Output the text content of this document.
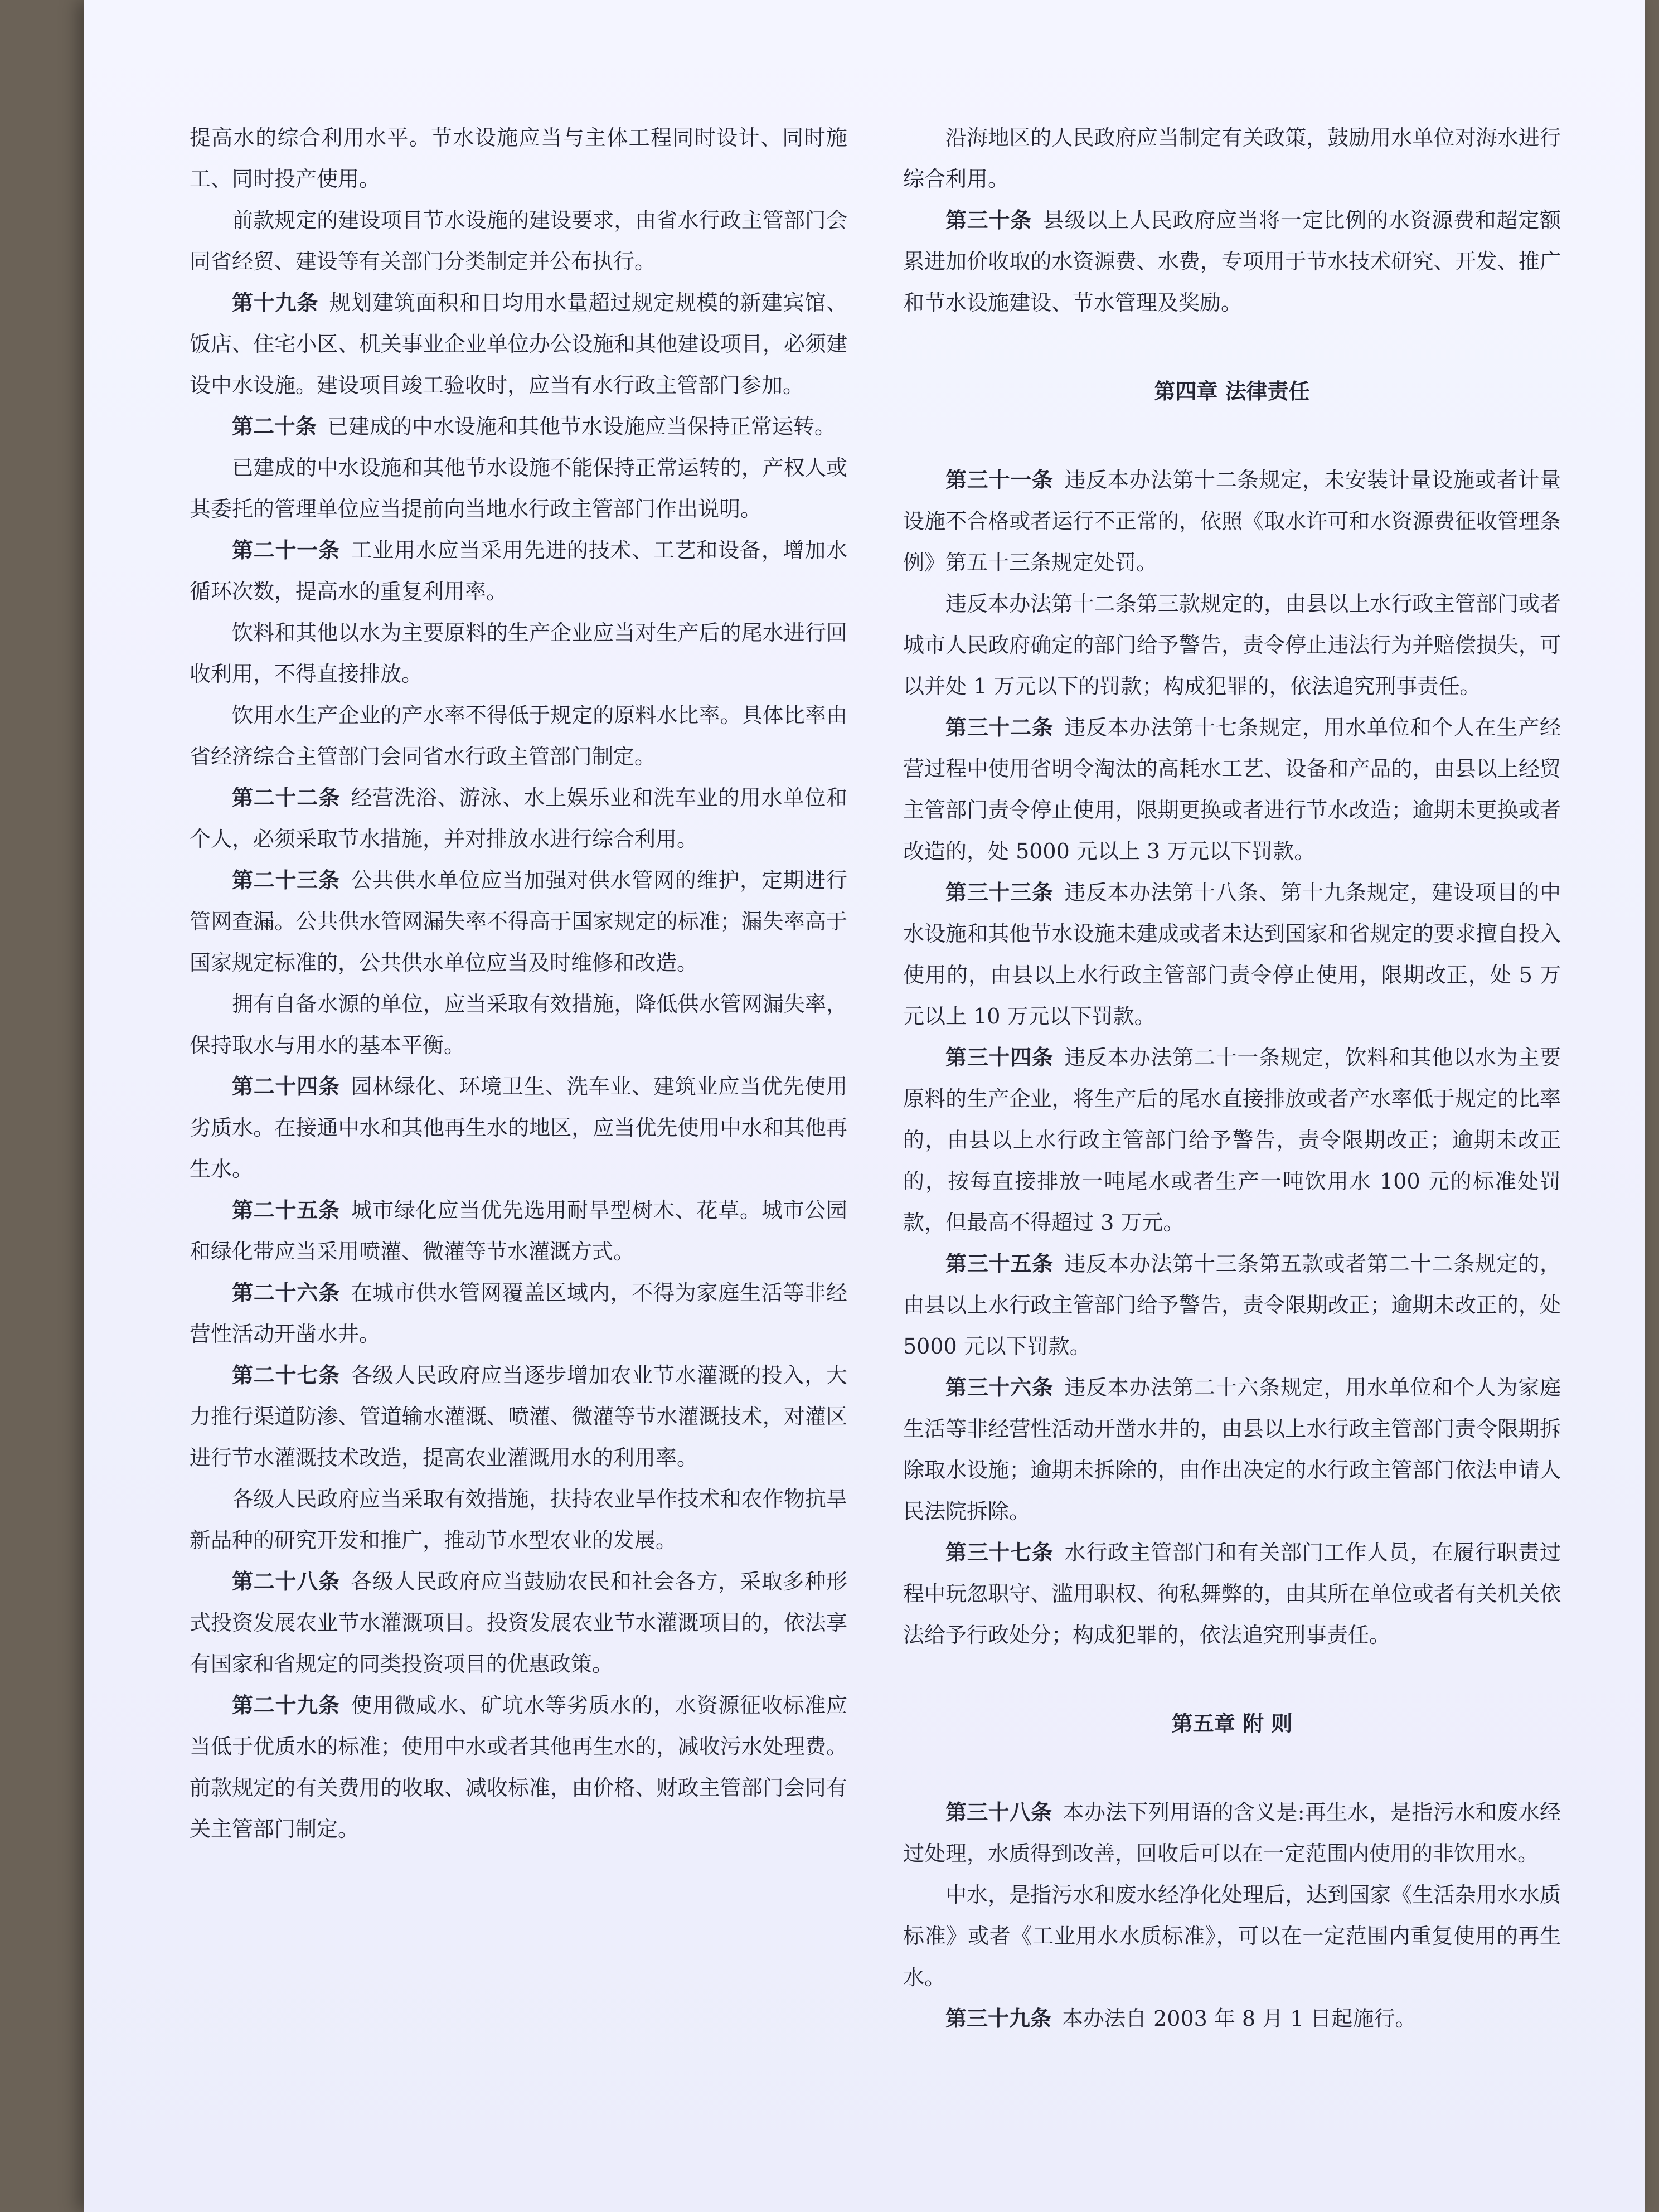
提高水的综合利用水平。节水设施应当与主体工程同时设计、同时施工、同时投产使用。

前款规定的建设项目节水设施的建设要求，由省水行政主管部门会同省经贸、建设等有关部门分类制定并公布执行。

第十九条  规划建筑面积和日均用水量超过规定规模的新建宾馆、饭店、住宅小区、机关事业企业单位办公设施和其他建设项目，必须建设中水设施。建设项目竣工验收时，应当有水行政主管部门参加。

第二十条  已建成的中水设施和其他节水设施应当保持正常运转。

已建成的中水设施和其他节水设施不能保持正常运转的，产权人或其委托的管理单位应当提前向当地水行政主管部门作出说明。

第二十一条  工业用水应当采用先进的技术、工艺和设备，增加水循环次数，提高水的重复利用率。

饮料和其他以水为主要原料的生产企业应当对生产后的尾水进行回收利用，不得直接排放。

饮用水生产企业的产水率不得低于规定的原料水比率。具体比率由省经济综合主管部门会同省水行政主管部门制定。

第二十二条  经营洗浴、游泳、水上娱乐业和洗车业的用水单位和个人，必须采取节水措施，并对排放水进行综合利用。

第二十三条  公共供水单位应当加强对供水管网的维护，定期进行管网查漏。公共供水管网漏失率不得高于国家规定的标准；漏失率高于国家规定标准的，公共供水单位应当及时维修和改造。

拥有自备水源的单位，应当采取有效措施，降低供水管网漏失率，保持取水与用水的基本平衡。

第二十四条  园林绿化、环境卫生、洗车业、建筑业应当优先使用劣质水。在接通中水和其他再生水的地区，应当优先使用中水和其他再生水。

第二十五条  城市绿化应当优先选用耐旱型树木、花草。城市公园和绿化带应当采用喷灌、微灌等节水灌溉方式。

第二十六条  在城市供水管网覆盖区域内，不得为家庭生活等非经营性活动开凿水井。

第二十七条  各级人民政府应当逐步增加农业节水灌溉的投入，大力推行渠道防渗、管道输水灌溉、喷灌、微灌等节水灌溉技术，对灌区进行节水灌溉技术改造，提高农业灌溉用水的利用率。

各级人民政府应当采取有效措施，扶持农业旱作技术和农作物抗旱新品种的研究开发和推广，推动节水型农业的发展。

第二十八条  各级人民政府应当鼓励农民和社会各方，采取多种形式投资发展农业节水灌溉项目。投资发展农业节水灌溉项目的，依法享有国家和省规定的同类投资项目的优惠政策。

第二十九条  使用微咸水、矿坑水等劣质水的，水资源征收标准应当低于优质水的标准；使用中水或者其他再生水的，减收污水处理费。前款规定的有关费用的收取、减收标准，由价格、财政主管部门会同有关主管部门制定。

沿海地区的人民政府应当制定有关政策，鼓励用水单位对海水进行综合利用。

第三十条  县级以上人民政府应当将一定比例的水资源费和超定额累进加价收取的水资源费、水费，专项用于节水技术研究、开发、推广和节水设施建设、节水管理及奖励。

第四章 法律责任

第三十一条  违反本办法第十二条规定，未安装计量设施或者计量设施不合格或者运行不正常的，依照《取水许可和水资源费征收管理条例》第五十三条规定处罚。

违反本办法第十二条第三款规定的，由县以上水行政主管部门或者城市人民政府确定的部门给予警告，责令停止违法行为并赔偿损失，可以并处 1 万元以下的罚款；构成犯罪的，依法追究刑事责任。

第三十二条  违反本办法第十七条规定，用水单位和个人在生产经营过程中使用省明令淘汰的高耗水工艺、设备和产品的，由县以上经贸主管部门责令停止使用，限期更换或者进行节水改造；逾期未更换或者改造的，处 5000 元以上 3 万元以下罚款。

第三十三条  违反本办法第十八条、第十九条规定，建设项目的中水设施和其他节水设施未建成或者未达到国家和省规定的要求擅自投入使用的，由县以上水行政主管部门责令停止使用，限期改正，处 5 万元以上 10 万元以下罚款。

第三十四条  违反本办法第二十一条规定，饮料和其他以水为主要原料的生产企业，将生产后的尾水直接排放或者产水率低于规定的比率的，由县以上水行政主管部门给予警告，责令限期改正；逾期未改正的，按每直接排放一吨尾水或者生产一吨饮用水 100 元的标准处罚款，但最高不得超过 3 万元。

第三十五条  违反本办法第十三条第五款或者第二十二条规定的，由县以上水行政主管部门给予警告，责令限期改正；逾期未改正的，处 5000 元以下罚款。

第三十六条  违反本办法第二十六条规定，用水单位和个人为家庭生活等非经营性活动开凿水井的，由县以上水行政主管部门责令限期拆除取水设施；逾期未拆除的，由作出决定的水行政主管部门依法申请人民法院拆除。

第三十七条  水行政主管部门和有关部门工作人员，在履行职责过程中玩忽职守、滥用职权、徇私舞弊的，由其所在单位或者有关机关依法给予行政处分；构成犯罪的，依法追究刑事责任。

第五章 附 则

第三十八条  本办法下列用语的含义是:再生水，是指污水和废水经过处理，水质得到改善，回收后可以在一定范围内使用的非饮用水。

中水，是指污水和废水经净化处理后，达到国家《生活杂用水水质标准》或者《工业用水水质标准》，可以在一定范围内重复使用的再生水。

第三十九条  本办法自 2003 年 8 月 1 日起施行。
